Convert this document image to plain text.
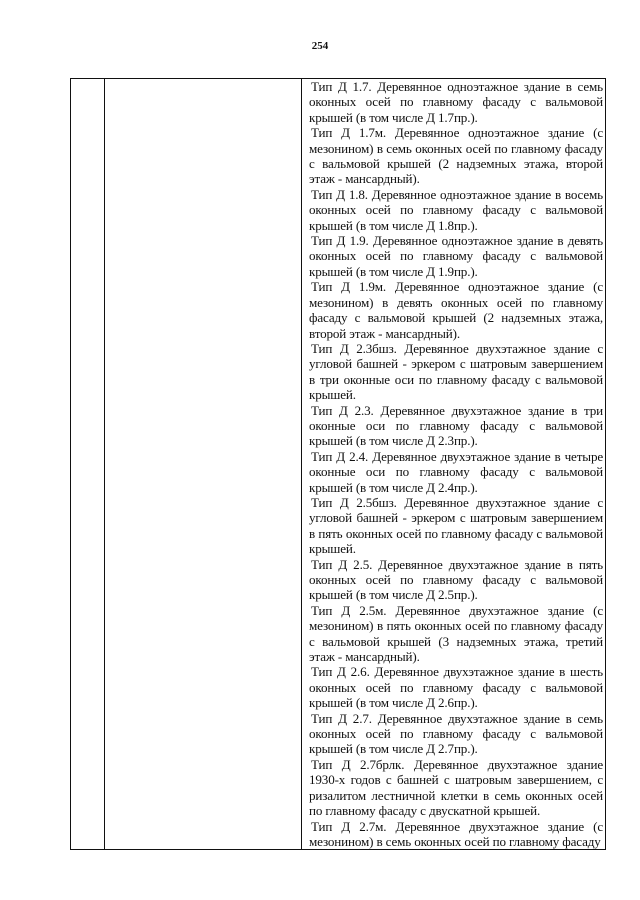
254

Тип Д 1.7. Деревянное одноэтажное здание в семь оконных осей по главному фасаду с вальмовой крышей (в том числе Д 1.7пр.).

Тип Д 1.7м. Деревянное одноэтажное здание (с мезонином) в семь оконных осей по главному фасаду с вальмовой крышей (2 надземных этажа, второй этаж - мансардный).

Тип Д 1.8. Деревянное одноэтажное здание в восемь оконных осей по главному фасаду с вальмовой крышей (в том числе Д 1.8пр.).

Тип Д 1.9. Деревянное одноэтажное здание в девять оконных осей по главному фасаду с вальмовой крышей (в том числе Д 1.9пр.).

Тип Д 1.9м. Деревянное одноэтажное здание (с мезонином) в девять оконных осей по главному фасаду с вальмовой крышей (2 надземных этажа, второй этаж - мансардный).

Тип Д 2.3бшз. Деревянное двухэтажное здание с угловой башней - эркером с шатровым завершением в три оконные оси по главному фасаду с вальмовой крышей.

Тип Д 2.3. Деревянное двухэтажное здание в три оконные оси по главному фасаду с вальмовой крышей (в том числе Д 2.3пр.).

Тип Д 2.4. Деревянное двухэтажное здание в четыре оконные оси по главному фасаду с вальмовой крышей (в том числе Д 2.4пр.).

Тип Д 2.5бшз. Деревянное двухэтажное здание с угловой башней - эркером с шатровым завершением в пять оконных осей по главному фасаду с вальмовой крышей.

Тип Д 2.5. Деревянное двухэтажное здание в пять оконных осей по главному фасаду с вальмовой крышей (в том числе Д 2.5пр.).

Тип Д 2.5м. Деревянное двухэтажное здание (с мезонином) в пять оконных осей по главному фасаду с вальмовой крышей (3 надземных этажа, третий этаж - мансардный).

Тип Д 2.6. Деревянное двухэтажное здание в шесть оконных осей по главному фасаду с вальмовой крышей (в том числе Д 2.6пр.).

Тип Д 2.7. Деревянное двухэтажное здание в семь оконных осей по главному фасаду с вальмовой крышей (в том числе Д 2.7пр.).

Тип Д 2.7брлк. Деревянное двухэтажное здание 1930-х годов с башней с шатровым завершением, с ризалитом лестничной клетки в семь оконных осей по главному фасаду с двускатной крышей.

Тип Д 2.7м. Деревянное двухэтажное здание (с мезонином) в семь оконных осей по главному фасаду
